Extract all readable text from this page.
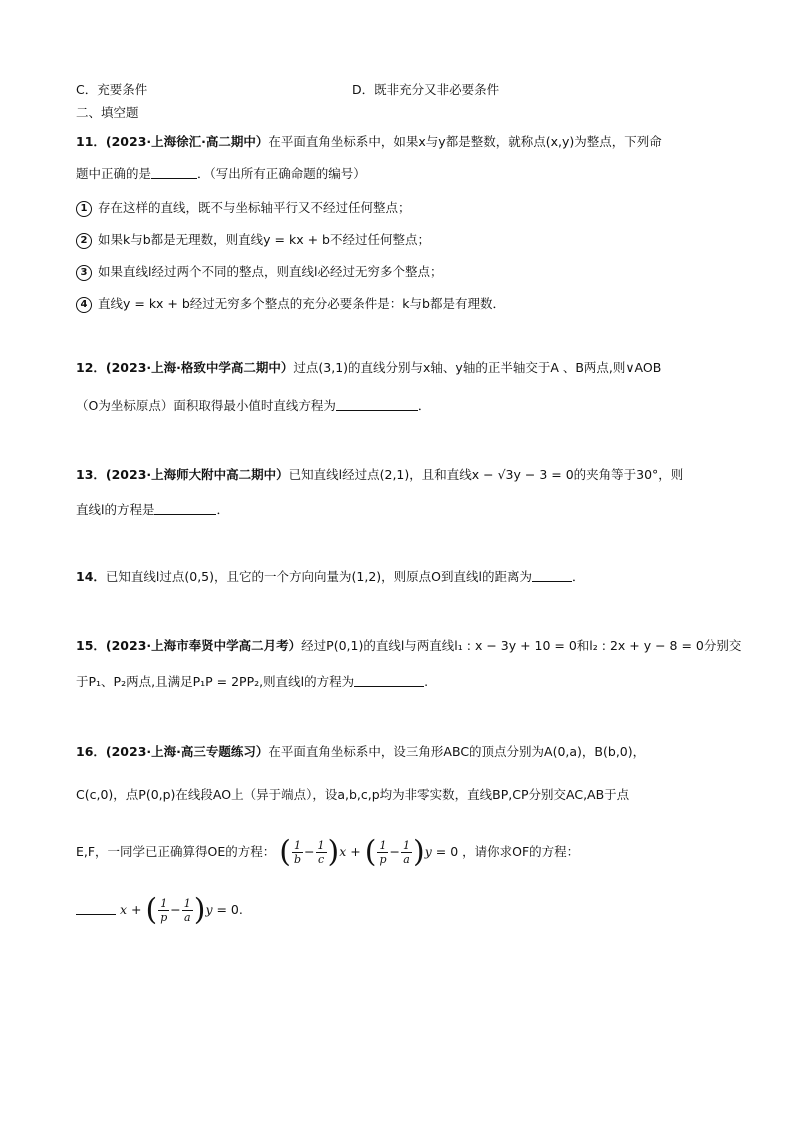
C．充要条件	D．既非充分又非必要条件
二、填空题
11．(2023·上海徐汇·高二期中）在平面直角坐标系中，如果x与y都是整数，就称点(x,y)为整点，下列命
题中正确的是	．（写出所有正确命题的编号）
1 存在这样的直线，既不与坐标轴平行又不经过任何整点；
2 如果k与b都是无理数，则直线y = kx + b不经过任何整点；
3 如果直线l经过两个不同的整点，则直线l必经过无穷多个整点；
4 直线y = kx + b经过无穷多个整点的充分必要条件是：k与b都是有理数．
12．(2023·上海·格致中学高二期中）过点(3,1)的直线分别与x轴、y轴的正半轴交于A 、B两点,则∨AOB
（O为坐标原点）面积取得最小值时直线方程为	．
13．(2023·上海师大附中高二期中）已知直线l经过点(2,1)，且和直线x − √3y − 3 = 0的夹角等于30°，则
直线l的方程是	．
14．已知直线l过点(0,5)，且它的一个方向向量为(1,2)，则原点O到直线l的距离为	．
15．(2023·上海市奉贤中学高二月考）经过P(0,1)的直线l与两直线l₁ : x − 3y + 10 = 0和l₂ : 2x + y − 8 = 0分别交
于P₁、P₂两点,且满足P₁P = 2PP₂,则直线l的方程为	.
16．(2023·上海·高三专题练习）在平面直角坐标系中，设三角形ABC的顶点分别为A(0,a)，B(b,0)，
C(c,0)，点P(0,p)在线段AO上（异于端点），设a,b,c,p均为非零实数，直线BP,CP分别交AC,AB于点
E,F，一同学已正确算得OE的方程： ( $\frac{1}{b} - \frac{1}{c} )x$ + ( $\frac{1}{p} - \frac{1}{a} )y = 0$ ，请你求OF的方程：
x + ( $\frac{1}{p} - \frac{1}{a} )y = 0$.
